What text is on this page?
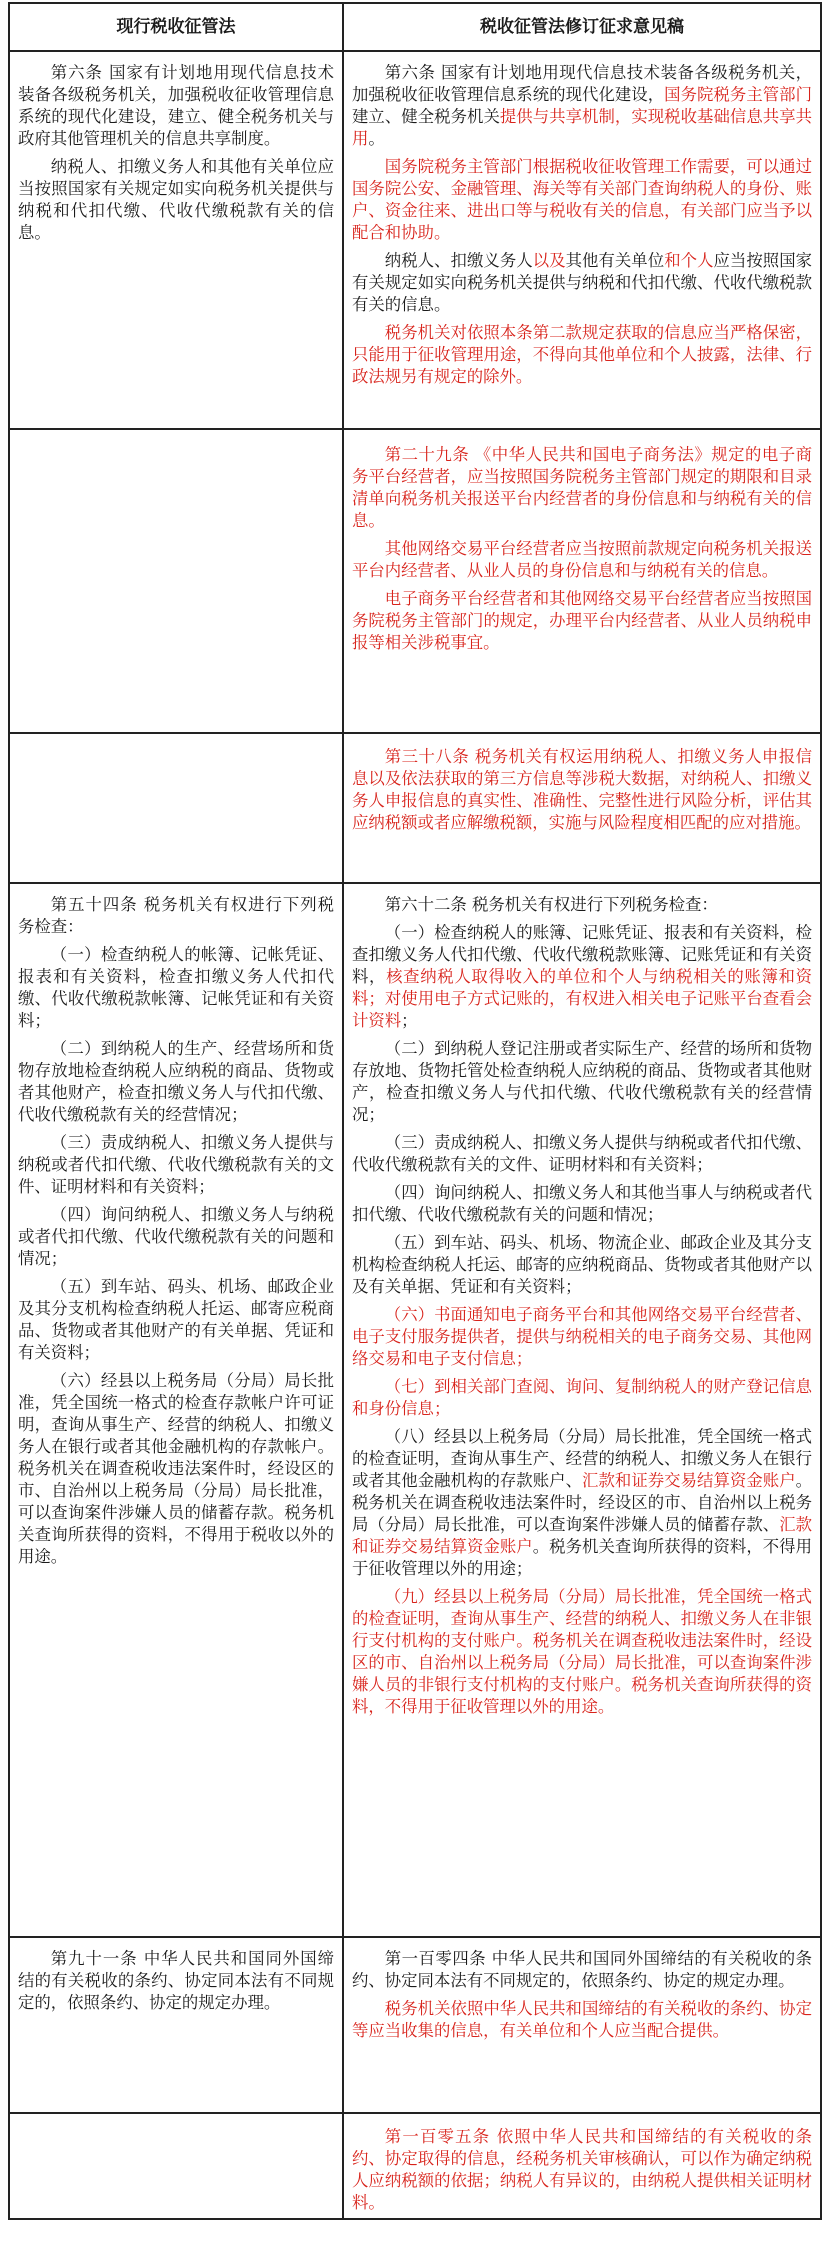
现行税收征管法	税收征管法修订征求意见稿

第六条 国家有计划地用现代信息技术装备各级税务机关，加强税收征收管理信息系统的现代化建设，建立、健全税务机关与政府其他管理机关的信息共享制度。

纳税人、扣缴义务人和其他有关单位应当按照国家有关规定如实向税务机关提供与纳税和代扣代缴、代收代缴税款有关的信息。

第六条 国家有计划地用现代信息技术装备各级税务机关，加强税收征收管理信息系统的现代化建设，国务院税务主管部门建立、健全税务机关提供与共享机制，实现税收基础信息共享共用。

国务院税务主管部门根据税收征收管理工作需要，可以通过国务院公安、金融管理、海关等有关部门查询纳税人的身份、账户、资金往来、进出口等与税收有关的信息，有关部门应当予以配合和协助。

纳税人、扣缴义务人以及其他有关单位和个人应当按照国家有关规定如实向税务机关提供与纳税和代扣代缴、代收代缴税款有关的信息。

税务机关对依照本条第二款规定获取的信息应当严格保密，只能用于征收管理用途，不得向其他单位和个人披露，法律、行政法规另有规定的除外。

第二十九条 《中华人民共和国电子商务法》规定的电子商务平台经营者，应当按照国务院税务主管部门规定的期限和目录清单向税务机关报送平台内经营者的身份信息和与纳税有关的信息。

其他网络交易平台经营者应当按照前款规定向税务机关报送平台内经营者、从业人员的身份信息和与纳税有关的信息。

电子商务平台经营者和其他网络交易平台经营者应当按照国务院税务主管部门的规定，办理平台内经营者、从业人员纳税申报等相关涉税事宜。

第三十八条 税务机关有权运用纳税人、扣缴义务人申报信息以及依法获取的第三方信息等涉税大数据，对纳税人、扣缴义务人申报信息的真实性、准确性、完整性进行风险分析，评估其应纳税额或者应解缴税额，实施与风险程度相匹配的应对措施。

第五十四条 税务机关有权进行下列税务检查：

（一）检查纳税人的帐簿、记帐凭证、报表和有关资料，检查扣缴义务人代扣代缴、代收代缴税款帐簿、记帐凭证和有关资料；

（二）到纳税人的生产、经营场所和货物存放地检查纳税人应纳税的商品、货物或者其他财产，检查扣缴义务人与代扣代缴、代收代缴税款有关的经营情况；

（三）责成纳税人、扣缴义务人提供与纳税或者代扣代缴、代收代缴税款有关的文件、证明材料和有关资料；

（四）询问纳税人、扣缴义务人与纳税或者代扣代缴、代收代缴税款有关的问题和情况；

（五）到车站、码头、机场、邮政企业及其分支机构检查纳税人托运、邮寄应税商品、货物或者其他财产的有关单据、凭证和有关资料；

（六）经县以上税务局（分局）局长批准，凭全国统一格式的检查存款帐户许可证明，查询从事生产、经营的纳税人、扣缴义务人在银行或者其他金融机构的存款帐户。税务机关在调查税收违法案件时，经设区的市、自治州以上税务局（分局）局长批准，可以查询案件涉嫌人员的储蓄存款。税务机关查询所获得的资料，不得用于税收以外的用途。

第六十二条 税务机关有权进行下列税务检查：

（一）检查纳税人的账簿、记账凭证、报表和有关资料，检查扣缴义务人代扣代缴、代收代缴税款账簿、记账凭证和有关资料，核查纳税人取得收入的单位和个人与纳税相关的账簿和资料；对使用电子方式记账的，有权进入相关电子记账平台查看会计资料；

（二）到纳税人登记注册或者实际生产、经营的场所和货物存放地、货物托管处检查纳税人应纳税的商品、货物或者其他财产，检查扣缴义务人与代扣代缴、代收代缴税款有关的经营情况；

（三）责成纳税人、扣缴义务人提供与纳税或者代扣代缴、代收代缴税款有关的文件、证明材料和有关资料；

（四）询问纳税人、扣缴义务人和其他当事人与纳税或者代扣代缴、代收代缴税款有关的问题和情况；

（五）到车站、码头、机场、物流企业、邮政企业及其分支机构检查纳税人托运、邮寄的应纳税商品、货物或者其他财产以及有关单据、凭证和有关资料；

（六）书面通知电子商务平台和其他网络交易平台经营者、电子支付服务提供者，提供与纳税相关的电子商务交易、其他网络交易和电子支付信息；

（七）到相关部门查阅、询问、复制纳税人的财产登记信息和身份信息；

（八）经县以上税务局（分局）局长批准，凭全国统一格式的检查证明，查询从事生产、经营的纳税人、扣缴义务人在银行或者其他金融机构的存款账户、汇款和证券交易结算资金账户。税务机关在调查税收违法案件时，经设区的市、自治州以上税务局（分局）局长批准，可以查询案件涉嫌人员的储蓄存款、汇款和证券交易结算资金账户。税务机关查询所获得的资料，不得用于征收管理以外的用途；

（九）经县以上税务局（分局）局长批准，凭全国统一格式的检查证明，查询从事生产、经营的纳税人、扣缴义务人在非银行支付机构的支付账户。税务机关在调查税收违法案件时，经设区的市、自治州以上税务局（分局）局长批准，可以查询案件涉嫌人员的非银行支付机构的支付账户。税务机关查询所获得的资料，不得用于征收管理以外的用途。

第九十一条 中华人民共和国同外国缔结的有关税收的条约、协定同本法有不同规定的，依照条约、协定的规定办理。

第一百零四条 中华人民共和国同外国缔结的有关税收的条约、协定同本法有不同规定的，依照条约、协定的规定办理。

税务机关依照中华人民共和国缔结的有关税收的条约、协定等应当收集的信息，有关单位和个人应当配合提供。

第一百零五条 依照中华人民共和国缔结的有关税收的条约、协定取得的信息，经税务机关审核确认，可以作为确定纳税人应纳税额的依据；纳税人有异议的，由纳税人提供相关证明材料。
